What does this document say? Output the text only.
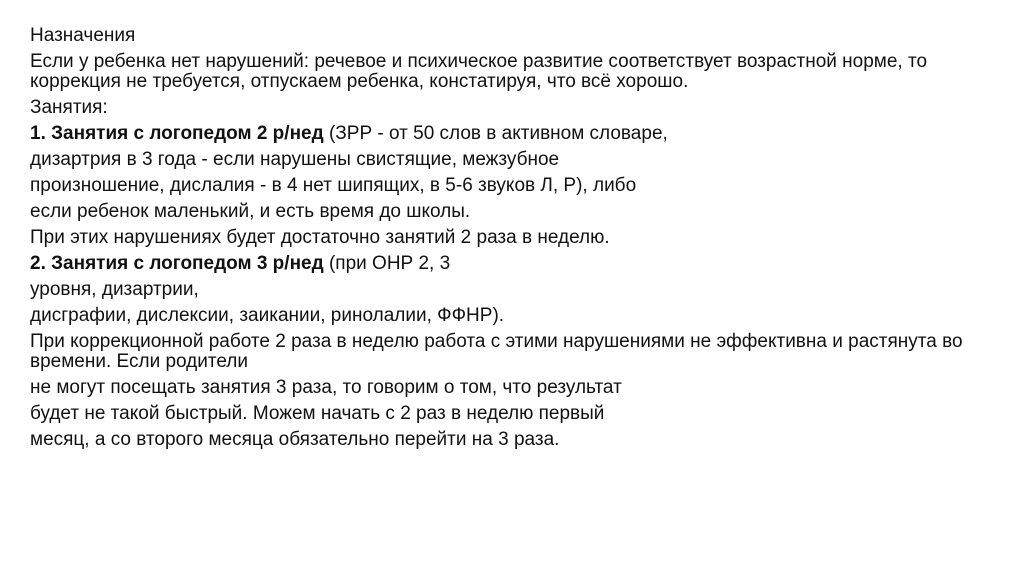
Назначения

Если у ребенка нет нарушений: речевое и психическое развитие соответствует возрастной норме, то коррекция не требуется, отпускаем ребенка, констатируя, что всё хорошо.

Занятия:

1. Занятия с логопедом 2 р/нед (ЗРР - от 50 слов в активном словаре,

дизартрия в 3 года - если нарушены свистящие, межзубное

произношение, дислалия - в 4 нет шипящих, в 5-6 звуков Л, Р), либо

если ребенок маленький, и есть время до школы.

При этих нарушениях будет достаточно занятий 2 раза в неделю.

2. Занятия с логопедом 3 р/нед (при ОНР 2, 3

уровня, дизартрии,

дисграфии, дислексии, заикании, ринолалии, ФФНР).

При коррекционной работе 2 раза в неделю работа с этими нарушениями не эффективна и растянута во времени. Если родители

не могут посещать занятия 3 раза, то говорим о том, что результат

будет не такой быстрый. Можем начать с 2 раз в неделю первый

месяц, а со второго месяца обязательно перейти на 3 раза.
